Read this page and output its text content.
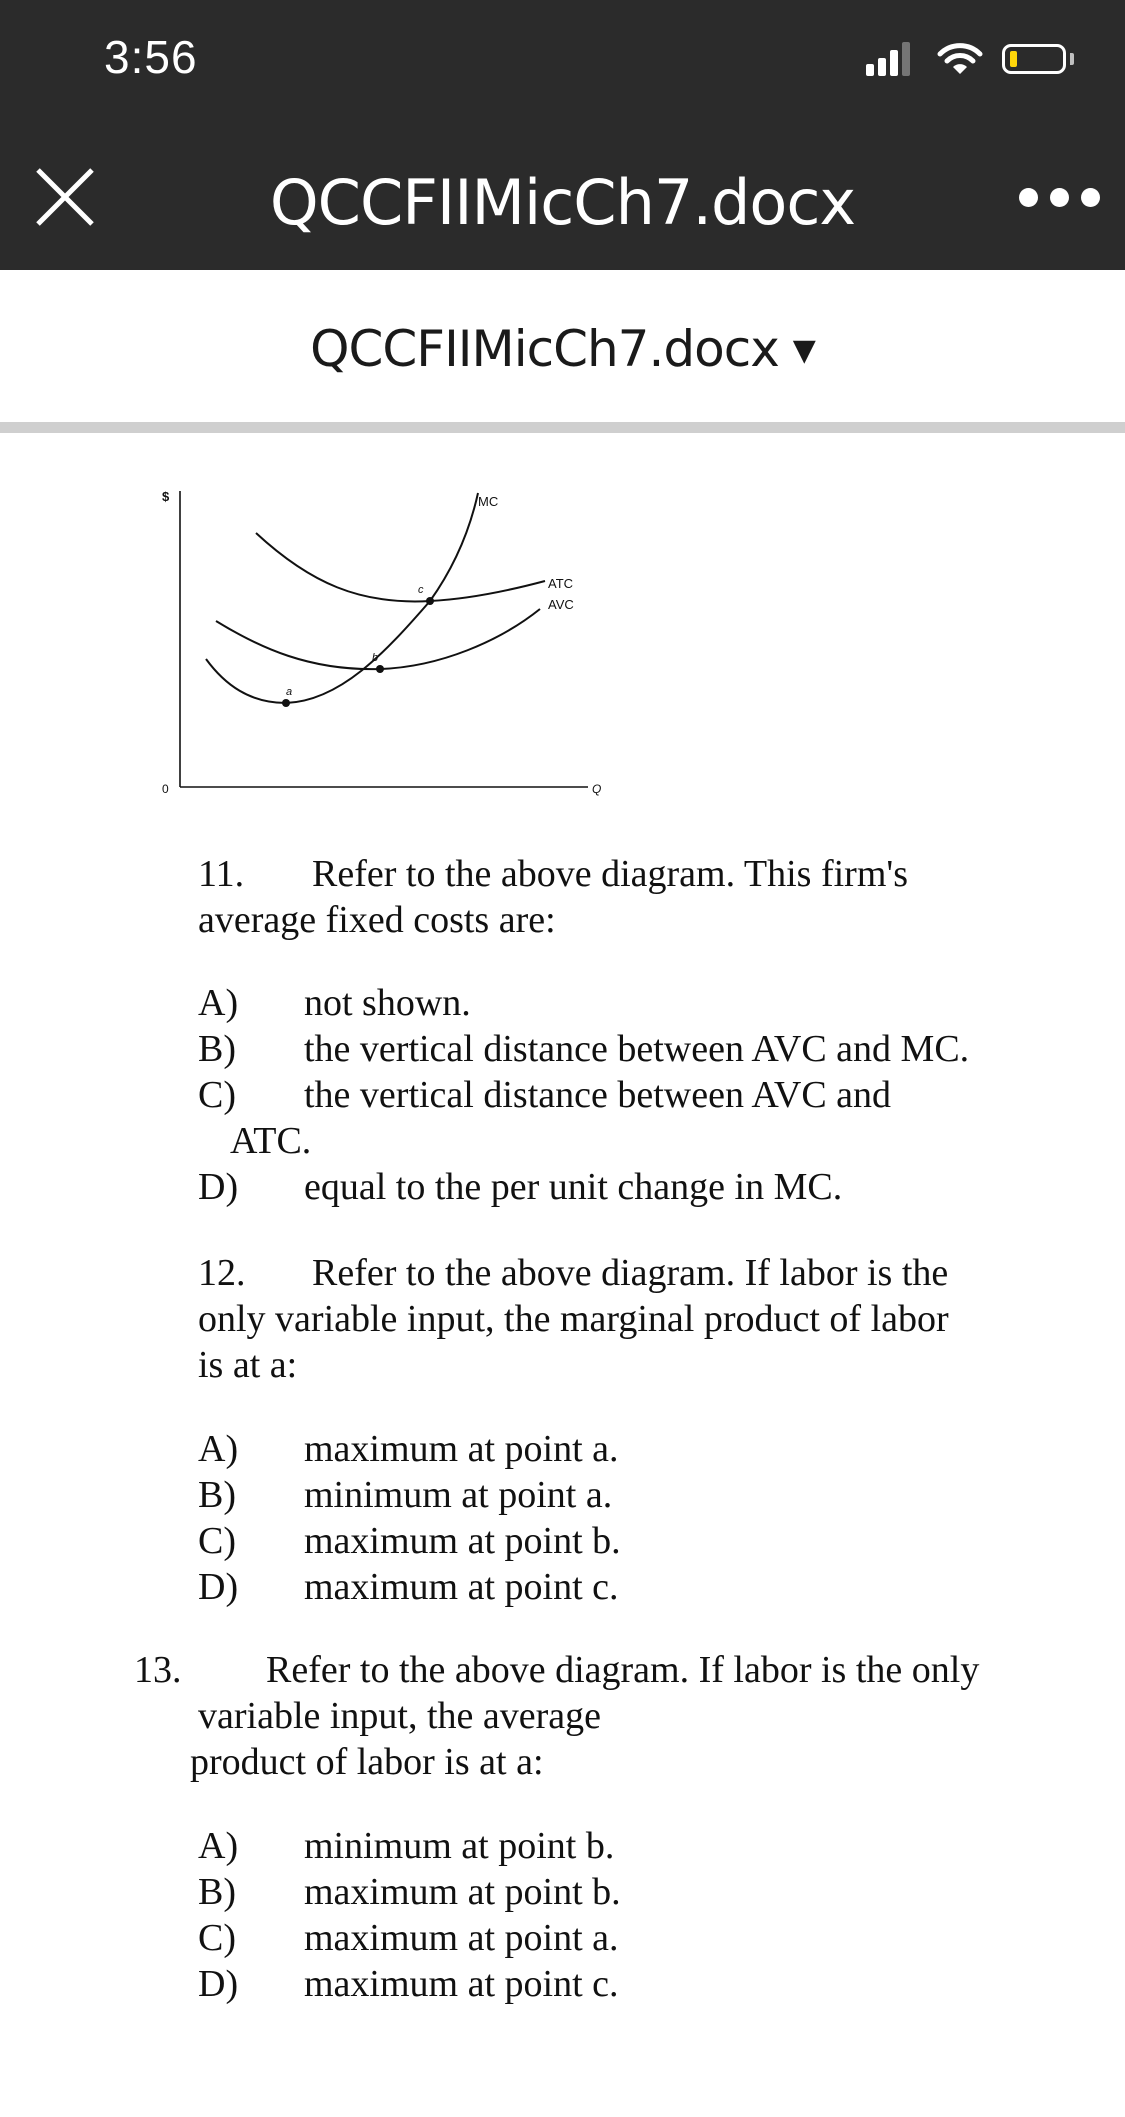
3:56
QCCFIIMicCh7.docx
QCCFIIMicCh7.docx ▼
$
0	Q
a
b
c
MC
ATC
AVC
11. Refer to the above diagram. This firm's
average fixed costs are:
A) not shown.
B) the vertical distance between AVC and MC.
C) the vertical distance between AVC and
ATC.
D) equal to the per unit change in MC.
12. Refer to the above diagram. If labor is the
only variable input, the marginal product of labor
is at a:
A) maximum at point a.
B) minimum at point a.
C) maximum at point b.
D) maximum at point c.
13. Refer to the above diagram. If labor is the only
variable input, the average
product of labor is at a:
A) minimum at point b.
B) maximum at point b.
C) maximum at point a.
D) maximum at point c.
